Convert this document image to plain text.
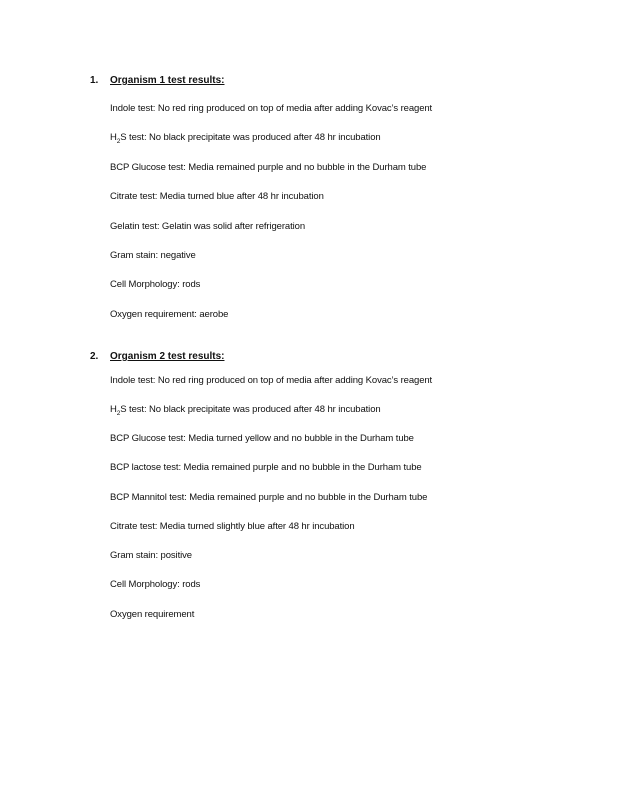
1. Organism 1 test results:
Indole test: No red ring produced on top of media after adding Kovac’s reagent
$H_2S$ test: No black precipitate was produced after 48 hr incubation
BCP Glucose test: Media remained purple and no bubble in the Durham tube
Citrate test: Media turned blue after 48 hr incubation
Gelatin test: Gelatin was solid after refrigeration
Gram stain: negative
Cell Morphology: rods
Oxygen requirement: aerobe
2. Organism 2 test results:
Indole test: No red ring produced on top of media after adding Kovac’s reagent
$H_2S$ test: No black precipitate was produced after 48 hr incubation
BCP Glucose test: Media turned yellow and no bubble in the Durham tube
BCP lactose test: Media remained purple and no bubble in the Durham tube
BCP Mannitol test: Media remained purple and no bubble in the Durham tube
Citrate test: Media turned slightly blue after 48 hr incubation
Gram stain: positive
Cell Morphology: rods
Oxygen requirement
